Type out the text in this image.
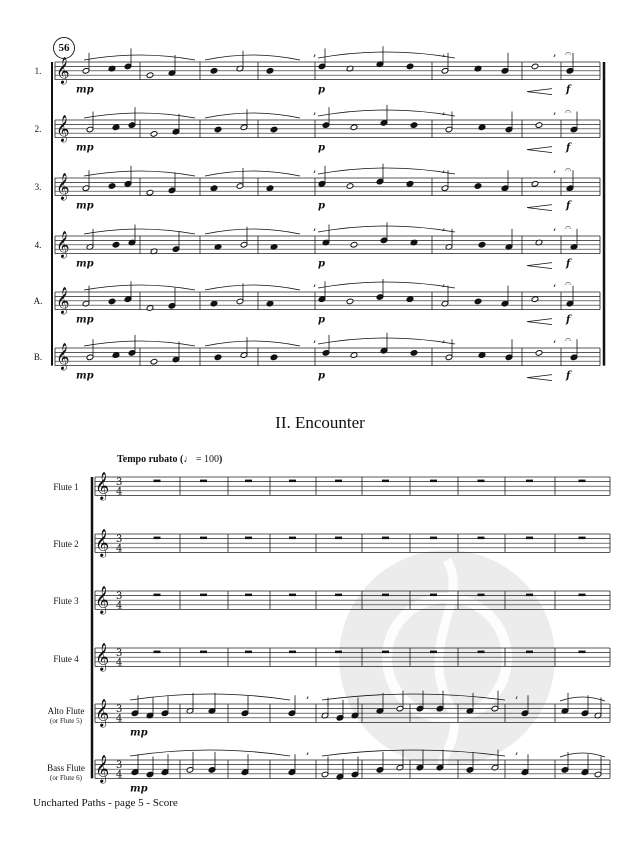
𝄞
,	,	, 𝄐
mp	p	f
𝄞
,	,	, 𝄐
mp	p	f
𝄞
,	,	, 𝄐
mp	p	f
𝄞
,	,	, 𝄐
mp	p	f
𝄞
,	,	, 𝄐
mp	p	f
𝄞
,	,	, 𝄐
mp	p	f
𝄞 3
4
𝄞 3
4
𝄞 3
4
𝄞 3
4
𝄞 3
4
,	,
mp
𝄞 3
4
,	,
mp
56
1.
2.
3.
4.
A.
B.
II. Encounter
Tempo rubato (♩ = 100)
Flute 1
Flute 2
Flute 3
Flute 4
Alto Flute
(or Flute 5)
Bass Flute
(or Flute 6)
Uncharted Paths - page 5 - Score
